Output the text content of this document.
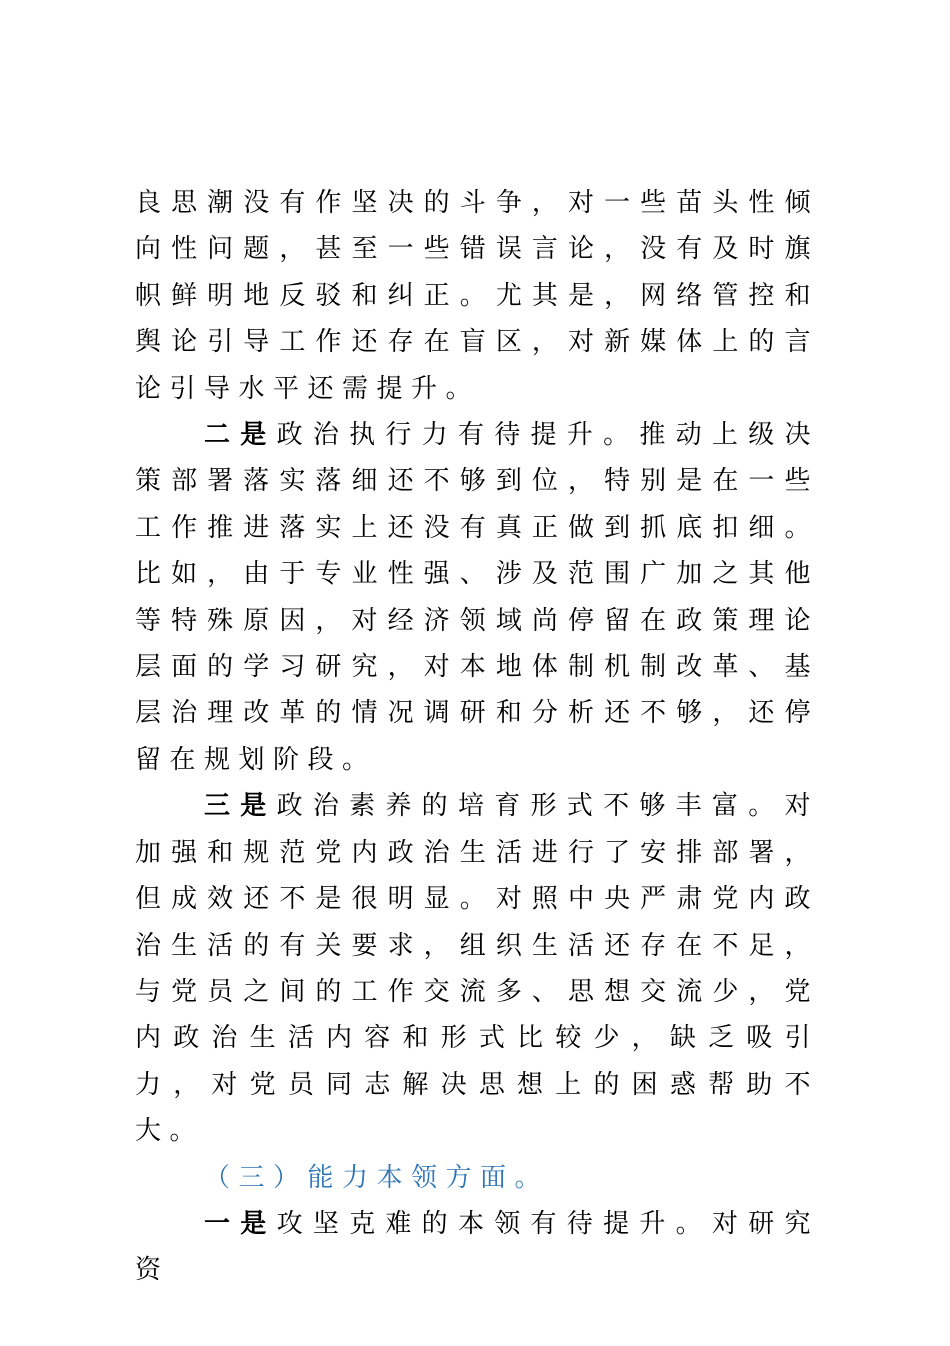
良思潮没有作坚决的斗争，对一些苗头性倾向性问题，甚至一些错误言论，没有及时旗帜鲜明地反驳和纠正。尤其是，网络管控和舆论引导工作还存在盲区，对新媒体上的言论引导水平还需提升。

二是政治执行力有待提升。推动上级决策部署落实落细还不够到位，特别是在一些工作推进落实上还没有真正做到抓底扣细。比如，由于专业性强、涉及范围广加之其他等特殊原因，对经济领域尚停留在政策理论层面的学习研究，对本地体制机制改革、基层治理改革的情况调研和分析还不够，还停留在规划阶段。

三是政治素养的培育形式不够丰富。对加强和规范党内政治生活进行了安排部署，但成效还不是很明显。对照中央严肃党内政治生活的有关要求，组织生活还存在不足，与党员之间的工作交流多、思想交流少，党内政治生活内容和形式比较少，缺乏吸引力，对党员同志解决思想上的困惑帮助不大。

（三）能力本领方面。

一是攻坚克难的本领有待提升。对研究资
